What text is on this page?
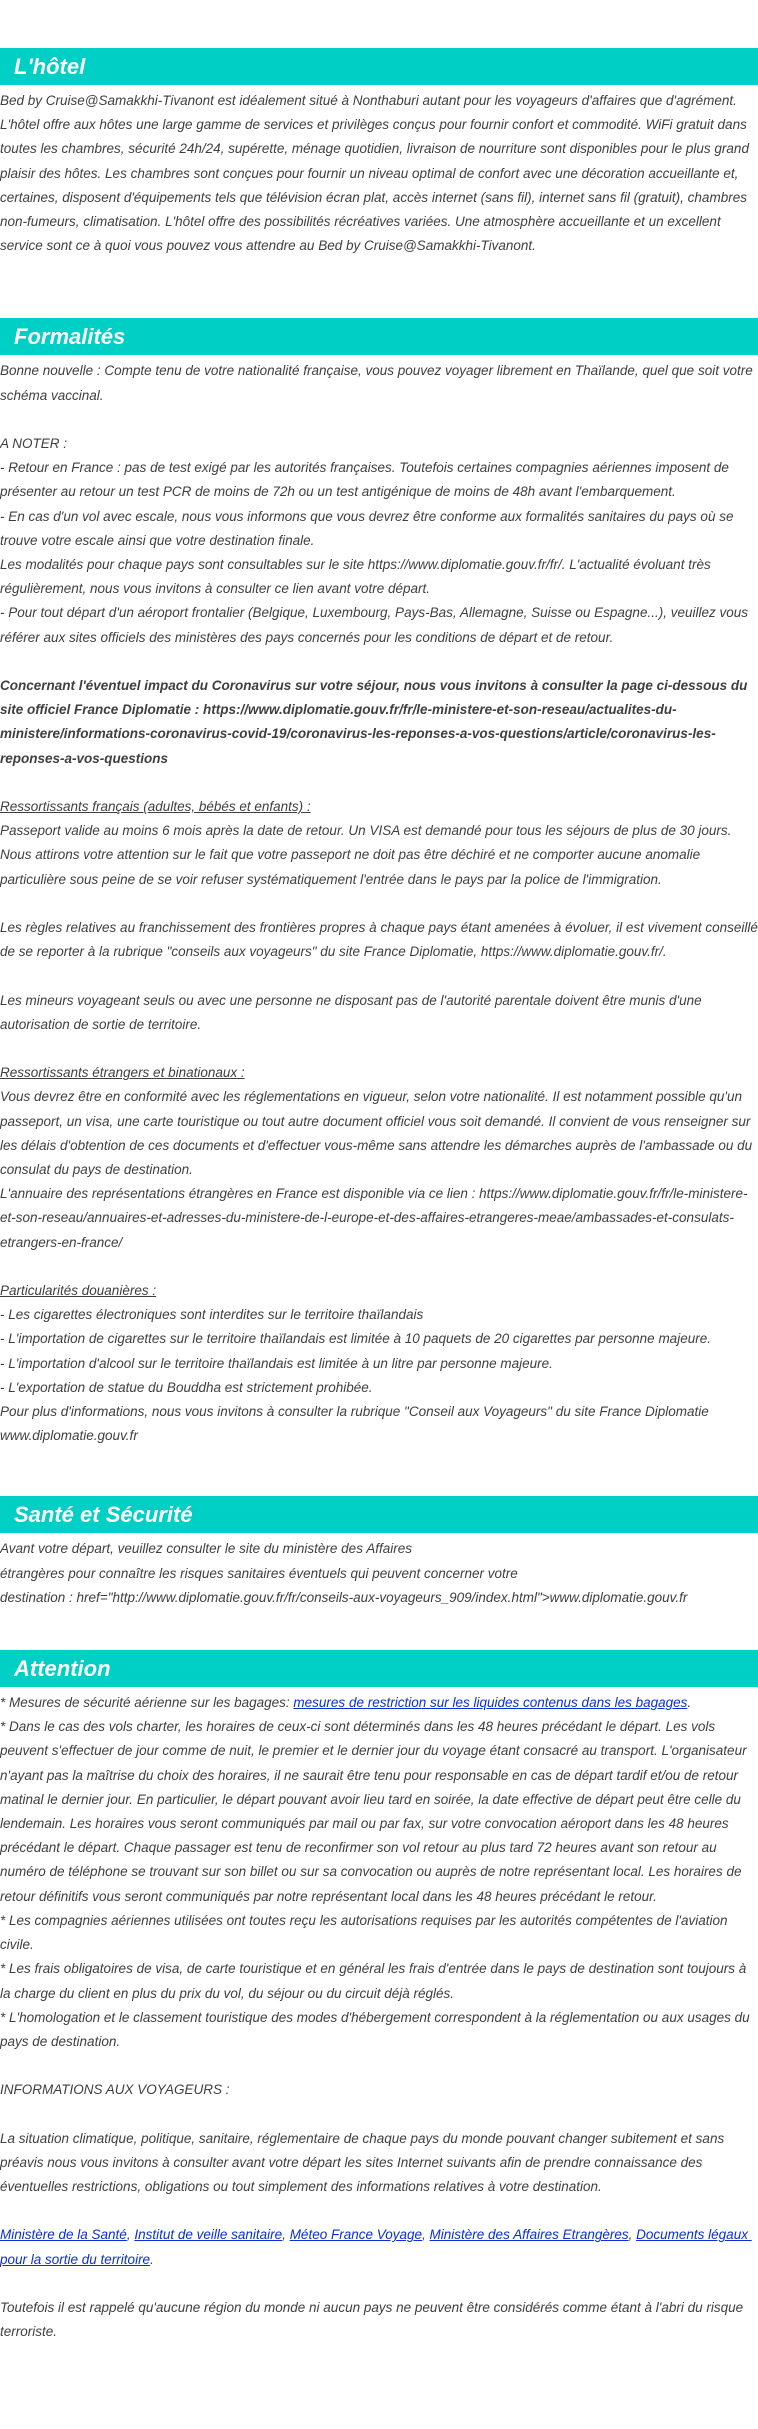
L'hôtel

Bed by Cruise@Samakkhi-Tivanont est idéalement situé à Nonthaburi autant pour les voyageurs d'affaires que d'agrément. L'hôtel offre aux hôtes une large gamme de services et privilèges conçus pour fournir confort et commodité. WiFi gratuit dans toutes les chambres, sécurité 24h/24, supérette, ménage quotidien, livraison de nourriture sont disponibles pour le plus grand plaisir des hôtes. Les chambres sont conçues pour fournir un niveau optimal de confort avec une décoration accueillante et, certaines, disposent d'équipements tels que télévision écran plat, accès internet (sans fil), internet sans fil (gratuit), chambres non-fumeurs, climatisation. L'hôtel offre des possibilités récréatives variées. Une atmosphère accueillante et un excellent service sont ce à quoi vous pouvez vous attendre au Bed by Cruise@Samakkhi-Tivanont.

Formalités

Bonne nouvelle : Compte tenu de votre nationalité française, vous pouvez voyager librement en Thaïlande, quel que soit votre schéma vaccinal.

A NOTER :

- Retour en France : pas de test exigé par les autorités françaises. Toutefois certaines compagnies aériennes imposent de présenter au retour un test PCR de moins de 72h ou un test antigénique de moins de 48h avant l'embarquement.

- En cas d'un vol avec escale, nous vous informons que vous devrez être conforme aux formalités sanitaires du pays où se trouve votre escale ainsi que votre destination finale.

Les modalités pour chaque pays sont consultables sur le site https://www.diplomatie.gouv.fr/fr/. L'actualité évoluant très régulièrement, nous vous invitons à consulter ce lien avant votre départ.

- Pour tout départ d'un aéroport frontalier (Belgique, Luxembourg, Pays-Bas, Allemagne, Suisse ou Espagne...), veuillez vous référer aux sites officiels des ministères des pays concernés pour les conditions de départ et de retour.

Concernant l'éventuel impact du Coronavirus sur votre séjour, nous vous invitons à consulter la page ci-dessous du site officiel France Diplomatie : https://www.diplomatie.gouv.fr/fr/le-ministere-et-son-reseau/actualites-du-ministere/informations-coronavirus-covid-19/coronavirus-les-reponses-a-vos-questions/article/coronavirus-les-reponses-a-vos-questions

Ressortissants français (adultes, bébés et enfants) :

Passeport valide au moins 6 mois après la date de retour. Un VISA est demandé pour tous les séjours de plus de 30 jours. Nous attirons votre attention sur le fait que votre passeport ne doit pas être déchiré et ne comporter aucune anomalie particulière sous peine de se voir refuser systématiquement l'entrée dans le pays par la police de l'immigration.

Les règles relatives au franchissement des frontières propres à chaque pays étant amenées à évoluer, il est vivement conseillé de se reporter à la rubrique "conseils aux voyageurs" du site France Diplomatie, https://www.diplomatie.gouv.fr/.

Les mineurs voyageant seuls ou avec une personne ne disposant pas de l'autorité parentale doivent être munis d'une autorisation de sortie de territoire.

Ressortissants étrangers et binationaux :

Vous devrez être en conformité avec les réglementations en vigueur, selon votre nationalité. Il est notamment possible qu'un passeport, un visa, une carte touristique ou tout autre document officiel vous soit demandé. Il convient de vous renseigner sur les délais d'obtention de ces documents et d'effectuer vous-même sans attendre les démarches auprès de l'ambassade ou du consulat du pays de destination.

L'annuaire des représentations étrangères en France est disponible via ce lien : https://www.diplomatie.gouv.fr/fr/le-ministere-et-son-reseau/annuaires-et-adresses-du-ministere-de-l-europe-et-des-affaires-etrangeres-meae/ambassades-et-consulats-etrangers-en-france/

Particularités douanières :

- Les cigarettes électroniques sont interdites sur le territoire thaïlandais

- L'importation de cigarettes sur le territoire thaïlandais est limitée à 10 paquets de 20 cigarettes par personne majeure.

- L'importation d'alcool sur le territoire thaïlandais est limitée à un litre par personne majeure.

- L'exportation de statue du Bouddha est strictement prohibée.

Pour plus d'informations, nous vous invitons à consulter la rubrique "Conseil aux Voyageurs" du site France Diplomatie www.diplomatie.gouv.fr

Santé et Sécurité

Avant votre départ, veuillez consulter le site du ministère des Affaires

étrangères pour connaître les risques sanitaires éventuels qui peuvent concerner votre

destination : href="http://www.diplomatie.gouv.fr/fr/conseils-aux-voyageurs_909/index.html">www.diplomatie.gouv.fr

Attention

* Mesures de sécurité aérienne sur les bagages: mesures de restriction sur les liquides contenus dans les bagages.

* Dans le cas des vols charter, les horaires de ceux-ci sont déterminés dans les 48 heures précédant le départ. Les vols peuvent s'effectuer de jour comme de nuit, le premier et le dernier jour du voyage étant consacré au transport. L'organisateur n'ayant pas la maîtrise du choix des horaires, il ne saurait être tenu pour responsable en cas de départ tardif et/ou de retour matinal le dernier jour. En particulier, le départ pouvant avoir lieu tard en soirée, la date effective de départ peut être celle du lendemain. Les horaires vous seront communiqués par mail ou par fax, sur votre convocation aéroport dans les 48 heures précédant le départ. Chaque passager est tenu de reconfirmer son vol retour au plus tard 72 heures avant son retour au numéro de téléphone se trouvant sur son billet ou sur sa convocation ou auprès de notre représentant local. Les horaires de retour définitifs vous seront communiqués par notre représentant local dans les 48 heures précédant le retour.

* Les compagnies aériennes utilisées ont toutes reçu les autorisations requises par les autorités compétentes de l'aviation civile.

* Les frais obligatoires de visa, de carte touristique et en général les frais d'entrée dans le pays de destination sont toujours à la charge du client en plus du prix du vol, du séjour ou du circuit déjà réglés.

* L'homologation et le classement touristique des modes d'hébergement correspondent à la réglementation ou aux usages du pays de destination.

INFORMATIONS AUX VOYAGEURS :

La situation climatique, politique, sanitaire, réglementaire de chaque pays du monde pouvant changer subitement et sans préavis nous vous invitons à consulter avant votre départ les sites Internet suivants afin de prendre connaissance des éventuelles restrictions, obligations ou tout simplement des informations relatives à votre destination.

Ministère de la Santé, Institut de veille sanitaire, Méteo France Voyage, Ministère des Affaires Etrangères, Documents légaux pour la sortie du territoire.

Toutefois il est rappelé qu'aucune région du monde ni aucun pays ne peuvent être considérés comme étant à l'abri du risque terroriste.
